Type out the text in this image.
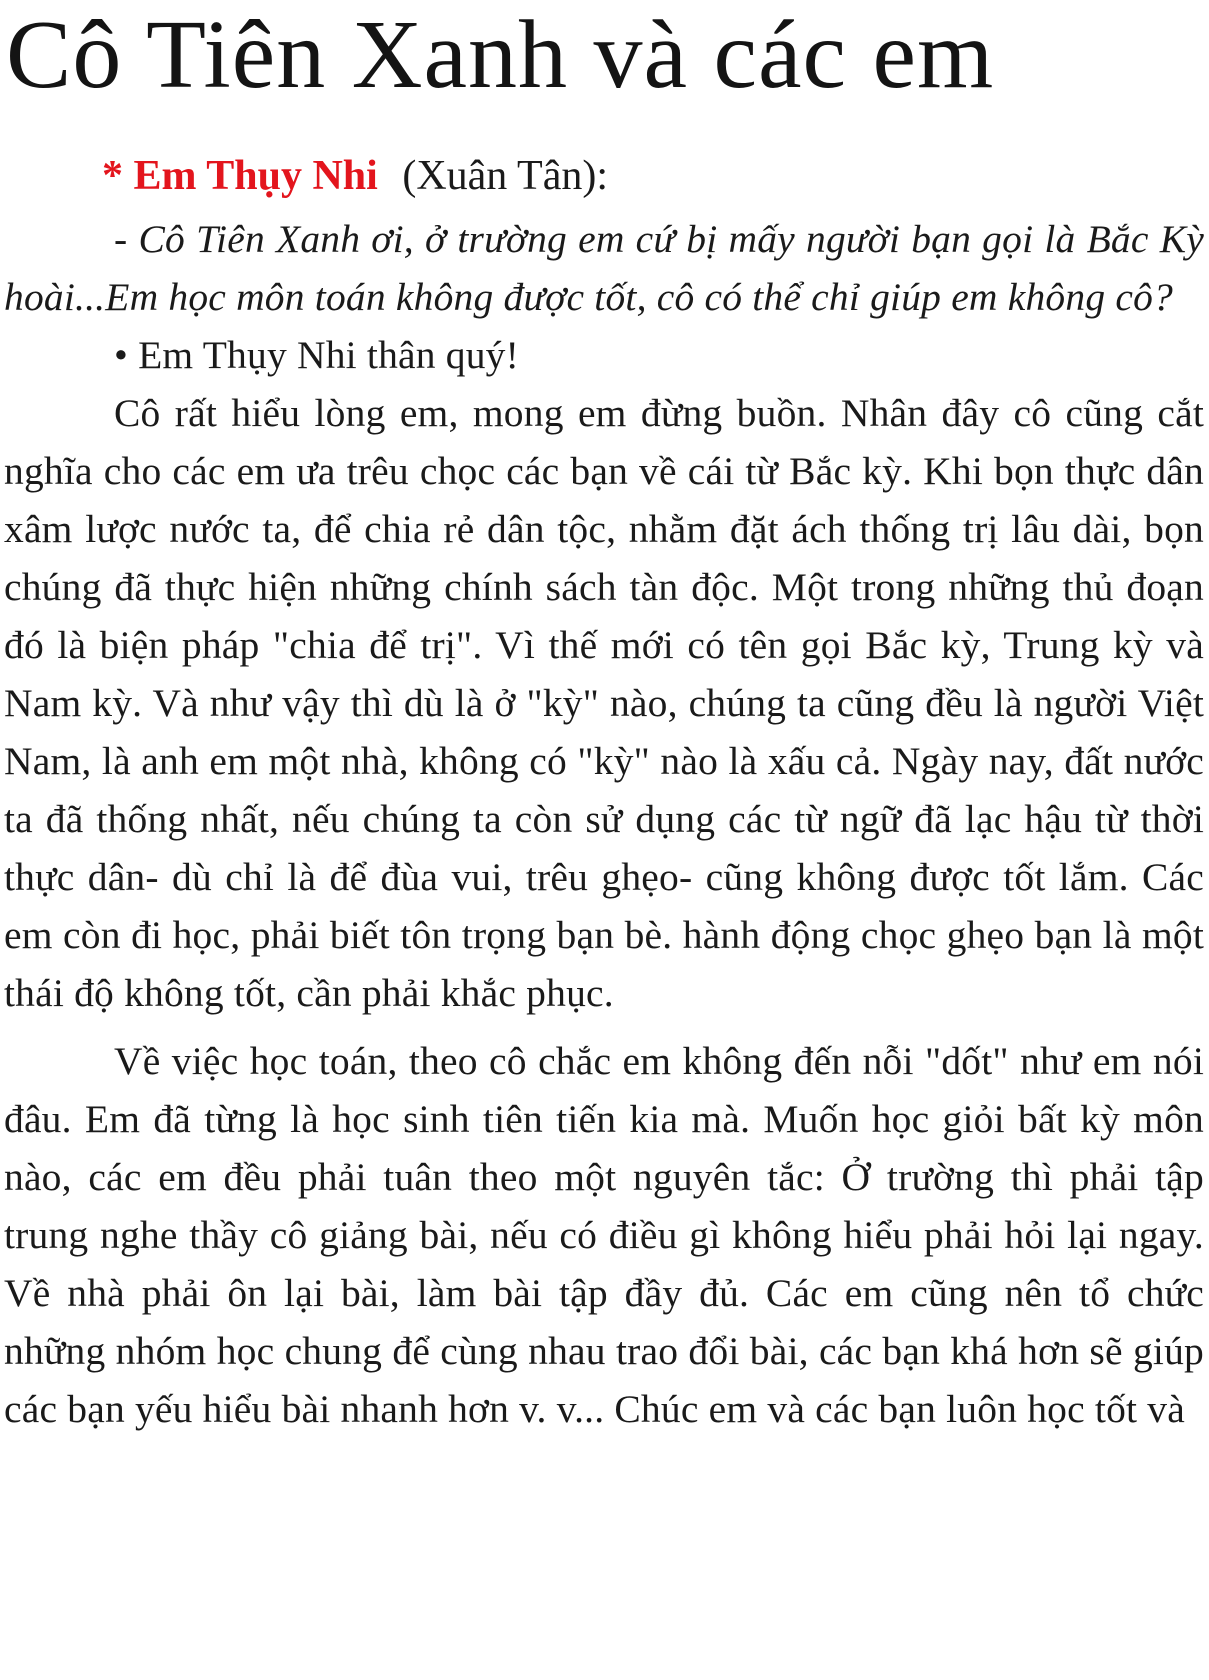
Cô Tiên Xanh và các em
* Em Thụy Nhi (Xuân Tân):

- Cô Tiên Xanh ơi, ở trường em cứ bị mấy người bạn gọi là Bắc Kỳ hoài...Em học môn toán không được tốt, cô có thể chỉ giúp em không cô?

• Em Thụy Nhi thân quý!

Cô rất hiểu lòng em, mong em đừng buồn. Nhân đây cô cũng cắt nghĩa cho các em ưa trêu chọc các bạn về cái từ Bắc kỳ. Khi bọn thực dân xâm lược nước ta, để chia rẻ dân tộc, nhằm đặt ách thống trị lâu dài, bọn chúng đã thực hiện những chính sách tàn độc. Một trong những thủ đoạn đó là biện pháp "chia để trị". Vì thế mới có tên gọi Bắc kỳ, Trung kỳ và Nam kỳ. Và như vậy thì dù là ở "kỳ" nào, chúng ta cũng đều là người Việt Nam, là anh em một nhà, không có "kỳ" nào là xấu cả. Ngày nay, đất nước ta đã thống nhất, nếu chúng ta còn sử dụng các từ ngữ đã lạc hậu từ thời thực dân- dù chỉ là để đùa vui, trêu ghẹo- cũng không được tốt lắm. Các em còn đi học, phải biết tôn trọng bạn bè. hành động chọc ghẹo bạn là một thái độ không tốt, cần phải khắc phục.

Về việc học toán, theo cô chắc em không đến nỗi "dốt" như em nói đâu. Em đã từng là học sinh tiên tiến kia mà. Muốn học giỏi bất kỳ môn nào, các em đều phải tuân theo một nguyên tắc: Ở trường thì phải tập trung nghe thầy cô giảng bài, nếu có điều gì không hiểu phải hỏi lại ngay. Về nhà phải ôn lại bài, làm bài tập đầy đủ. Các em cũng nên tổ chức những nhóm học chung để cùng nhau trao đổi bài, các bạn khá hơn sẽ giúp các bạn yếu hiểu bài nhanh hơn v. v... Chúc em và các bạn luôn học tốt và
